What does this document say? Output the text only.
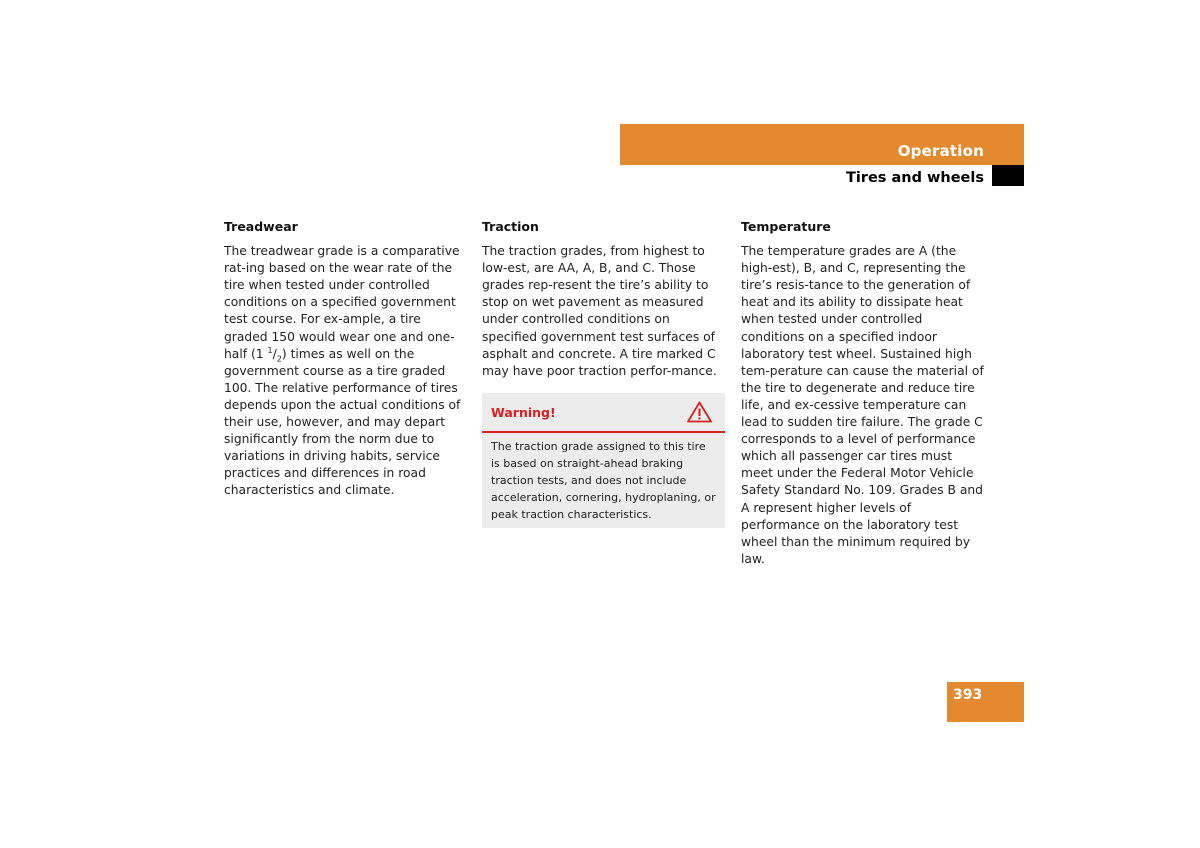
Operation
Tires and wheels
Treadwear

The treadwear grade is a comparative rat-ing based on the wear rate of the tire when tested under controlled conditions on a specified government test course. For ex-ample, a tire graded 150 would wear one and one-half (1 $^1/_2$) times as well on the government course as a tire graded 100. The relative performance of tires depends upon the actual conditions of their use, however, and may depart significantly from the norm due to variations in driving habits, service practices and differences in road characteristics and climate.

Traction

The traction grades, from highest to low-est, are AA, A, B, and C. Those grades rep-resent the tire’s ability to stop on wet pavement as measured under controlled conditions on specified government test surfaces of asphalt and concrete. A tire marked C may have poor traction perfor-mance.

Warning!
The traction grade assigned to this tire is based on straight-ahead braking traction tests, and does not include acceleration, cornering, hydroplaning, or peak traction characteristics.
Temperature

The temperature grades are A (the high-est), B, and C, representing the tire’s resis-tance to the generation of heat and its ability to dissipate heat when tested under controlled conditions on a specified indoor laboratory test wheel. Sustained high tem-perature can cause the material of the tire to degenerate and reduce tire life, and ex-cessive temperature can lead to sudden tire failure. The grade C corresponds to a level of performance which all passenger car tires must meet under the Federal Motor Vehicle Safety Standard No. 109. Grades B and A represent higher levels of performance on the laboratory test wheel than the minimum required by law.

393
